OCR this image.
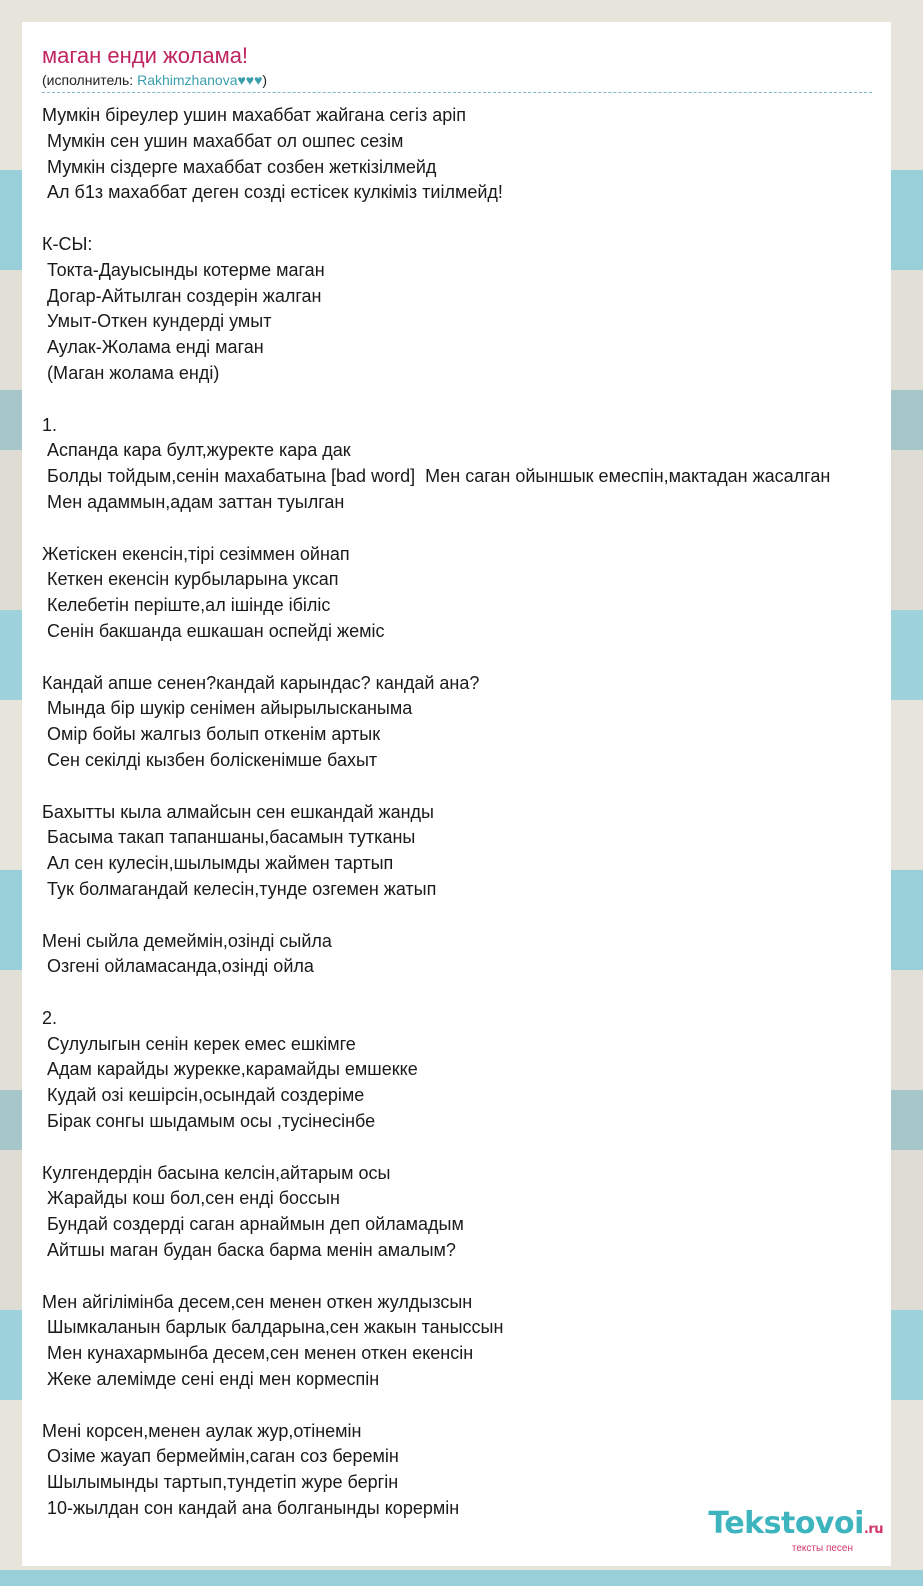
маган енди жолама!
(исполнитель: Rakhimzhanova♥♥♥)
Мумкін біреулер ушин махаббат жайгана сегіз аріп
Мумкін сен ушин махаббат ол ошпес сезім
Мумкін сіздерге махаббат созбен жеткізілмейд
Ал б1з махаббат деген созді естісек кулкіміз тиілмейд!

К-СЫ:
Токта-Дауысынды котерме маган
Догар-Айтылган создерін жалган
Умыт-Откен кундерді умыт
Аулак-Жолама енді маган
(Маган жолама енді)

1.
Аспанда кара булт,журекте кара дак
Болды тойдым,сенін махабатына [bad word]  Мен саган ойыншык емеспін,мактадан жасалган
Мен адаммын,адам заттан туылган

Жетіскен екенсін,тірі сезіммен ойнап
Кеткен екенсін курбыларына уксап
Келебетін періште,ал ішінде ібіліс
Сенін бакшанда ешкашан оспейді жеміс

Кандай апше сенен?кандай карындас? кандай ана?
Мында бір шукір сенімен айырылысканыма
Омір бойы жалгыз болып откенім артык
Сен секілді кызбен болiскенімше бахыт

Бахытты кыла алмайсын сен ешкандай жанды
Басыма такап тапаншаны,басамын тутканы
Ал сен кулесін,шылымды жаймен тартып
Тук болмагандай келесін,тунде озгемен жатып

Мені сыйла демеймін,озінді сыйла
Озгені ойламасанда,озінді ойла

2.
Сулулыгын сенін керек емес ешкімге
Адам карайды журекке,карамайды емшекке
Кудай озі кешірсін,осындай создеріме
Бірак сонгы шыдамым осы ,тусінесінбе

Кулгендердін басына келсін,айтарым осы
Жарайды кош бол,сен енді боссын
Бундай создерді саган арнаймын деп ойламадым
Айтшы маган будан баска барма менін амалым?

Мен айгілімінба десем,сен менен откен жулдызсын
Шымкаланын барлык балдарына,сен жакын таныссын
Мен кунахармынба десем,сен менен откен екенсін
Жеке алемімде сені енді мен кормеспін

Мені корсен,менен аулак жур,отінемін
Озіме жауап бермеймін,саган соз беремін
Шылымынды тартып,тундетіп журе бергін
10-жылдан сон кандай ана болганынды корермін	Tekstovoi.ru
тексты песен
